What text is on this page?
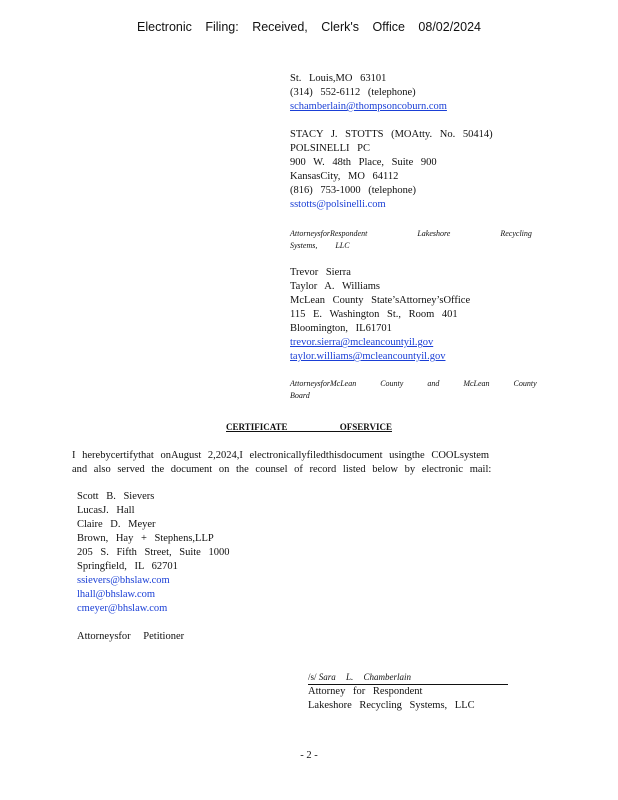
Electronic Filing: Received, Clerk's Office 08/02/2024
St. Louis,MO 63101
(314) 552-6112 (telephone)
schamberlain@thompsoncoburn.com
STACY J. STOTTS (MOAtty. No. 50414)
POLSINELLI PC
900 W. 48th Place, Suite 900
KansasCity, MO 64112
(816) 753-1000 (telephone)
sstotts@polsinelli.com
AttorneysforRespondent Lakeshore Recycling
Systems, LLC
Trevor Sierra
Taylor A. Williams
McLean County State’sAttorney’sOffice
115 E. Washington St., Room 401
Bloomington, IL61701
trevor.sierra@mcleancountyil.gov
taylor.williams@mcleancountyil.gov
AttorneysforMcLean County and McLean County
Board
CERTIFICATE OFSERVICE
I herebycertifythat onAugust 2,2024,I electronicallyfiledthisdocument usingthe COOLsystem
and also served the document on the counsel of record listed below by electronic mail:
Scott B. Sievers
LucasJ. Hall
Claire D. Meyer
Brown, Hay + Stephens,LLP
205 S. Fifth Street, Suite 1000
Springfield, IL 62701
ssievers@bhslaw.com
lhall@bhslaw.com
cmeyer@bhslaw.com
Attorneysfor Petitioner
/s/ Sara L. Chamberlain
Attorney for Respondent
Lakeshore Recycling Systems, LLC
- 2 -
